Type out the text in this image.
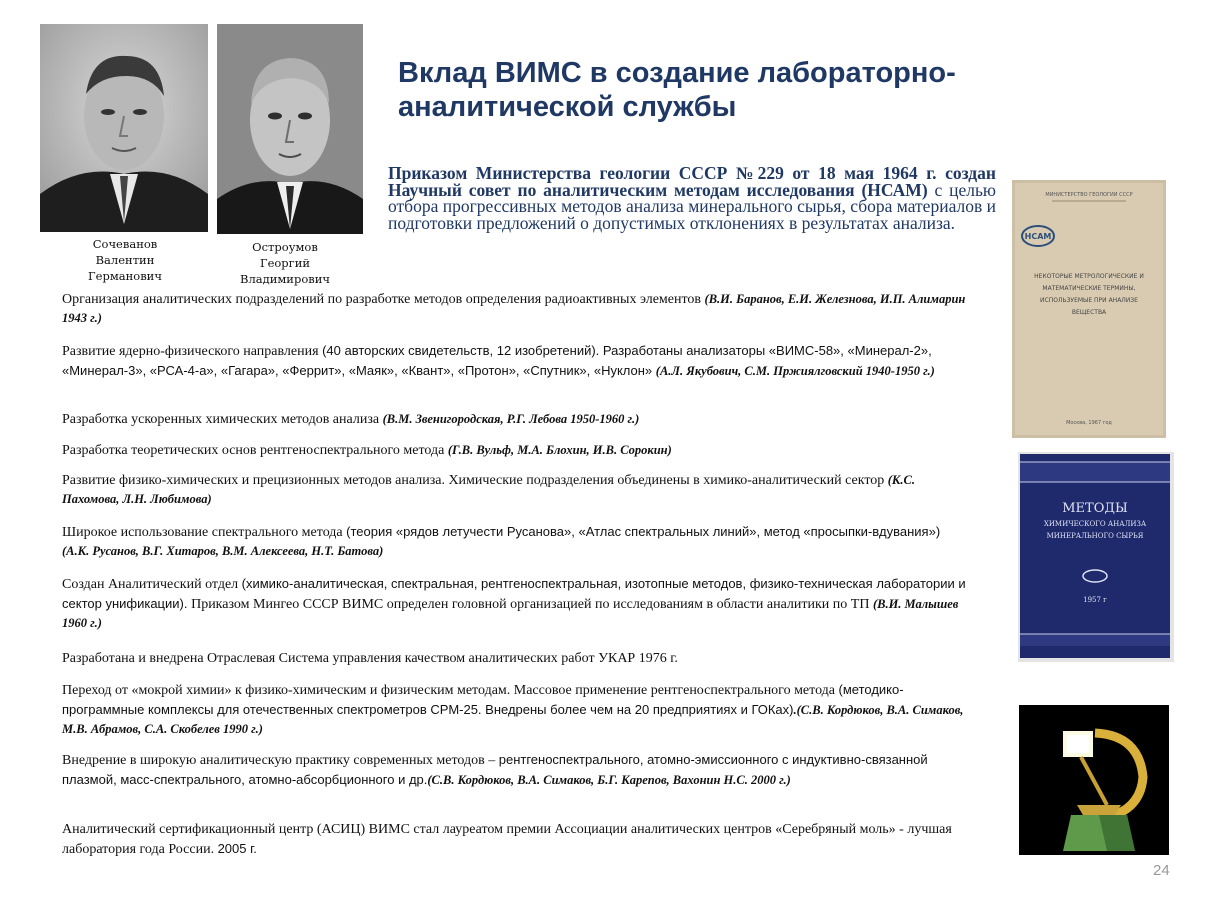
Сочеванов
Валентин
Германович
Остроумов
Георгий
Владимирович
Вклад ВИМС в создание лабораторно-
аналитической службы

Приказом Министерства геологии СССР №229 от 18 мая 1964 г. создан Научный совет по аналитическим методам исследования (НСАМ) с целью отбора прогрессивных методов анализа минерального сырья, сбора материалов и подготовки предложений о допустимых отклонениях в результатах анализа.

Организация аналитических подразделений по разработке методов определения радиоактивных элементов (В.И. Баранов, Е.И. Железнова, И.П. Алимарин 1943 г.)

Развитие ядерно-физического направления (40 авторских свидетельств, 12 изобретений). Разработаны анализаторы «ВИМС-58», «Минерал-2», «Минерал-3», «РСА-4-а», «Гагара», «Феррит», «Маяк», «Квант», «Протон», «Спутник», «Нуклон» (А.Л. Якубович, С.М. Пржиялговский 1940-1950 г.)

Разработка ускоренных химических методов анализа (В.М. Звенигородская, Р.Г. Лебова 1950-1960 г.)

Разработка теоретических основ рентгеноспектрального метода (Г.В. Вульф, М.А. Блохин, И.В. Сорокин)

Развитие физико-химических и прецизионных методов анализа. Химические подразделения объединены в химико-аналитический сектор (К.С. Пахомова, Л.Н. Любимова)

Широкое использование спектрального метода (теория «рядов летучести Русанова», «Атлас спектральных линий», метод «просыпки-вдувания») (А.К. Русанов, В.Г. Хитаров, В.М. Алексеева, Н.Т. Батова)

Создан Аналитический отдел (химико-аналитическая, спектральная, рентгеноспектральная, изотопные методов, физико-техническая лаборатории и сектор унификации). Приказом Мингео СССР ВИМС определен головной организацией по исследованиям в области аналитики по ТП (В.И. Малышев 1960 г.)

Разработана и внедрена Отраслевая Система управления качеством аналитических работ УКАР 1976 г.

Переход от «мокрой химии» к физико-химическим и физическим методам. Массовое применение рентгеноспектрального метода (методико-программные комплексы для отечественных спектрометров СРМ-25. Внедрены более чем на 20 предприятиях и ГОКах).(С.В. Кордюков, В.А. Симаков, М.В. Абрамов, С.А. Скобелев 1990 г.)

Внедрение в широкую аналитическую практику современных методов – рентгеноспектрального, атомно-эмиссионного с индуктивно-связанной плазмой, масс-спектрального, атомно-абсорбционного и др.(С.В. Кордюков, В.А. Симаков, Б.Г. Карепов, Вахонин Н.С. 2000 г.)

Аналитический сертификационный центр (АСИЦ) ВИМС стал лауреатом премии Ассоциации аналитических центров «Серебряный моль» - лучшая лаборатория года России. 2005 г.

МИНИСТЕРСТВО ГЕОЛОГИИ СССР
НСАМ
НЕКОТОРЫЕ МЕТРОЛОГИЧЕСКИЕ И
МАТЕМАТИЧЕСКИЕ ТЕРМИНЫ,
ИСПОЛЬЗУЕМЫЕ ПРИ АНАЛИЗЕ
ВЕЩЕСТВА
Москва, 1967 год
МЕТОДЫ
ХИМИЧЕСКОГО АНАЛИЗА
МИНЕРАЛЬНОГО СЫРЬЯ
1957 г
24
